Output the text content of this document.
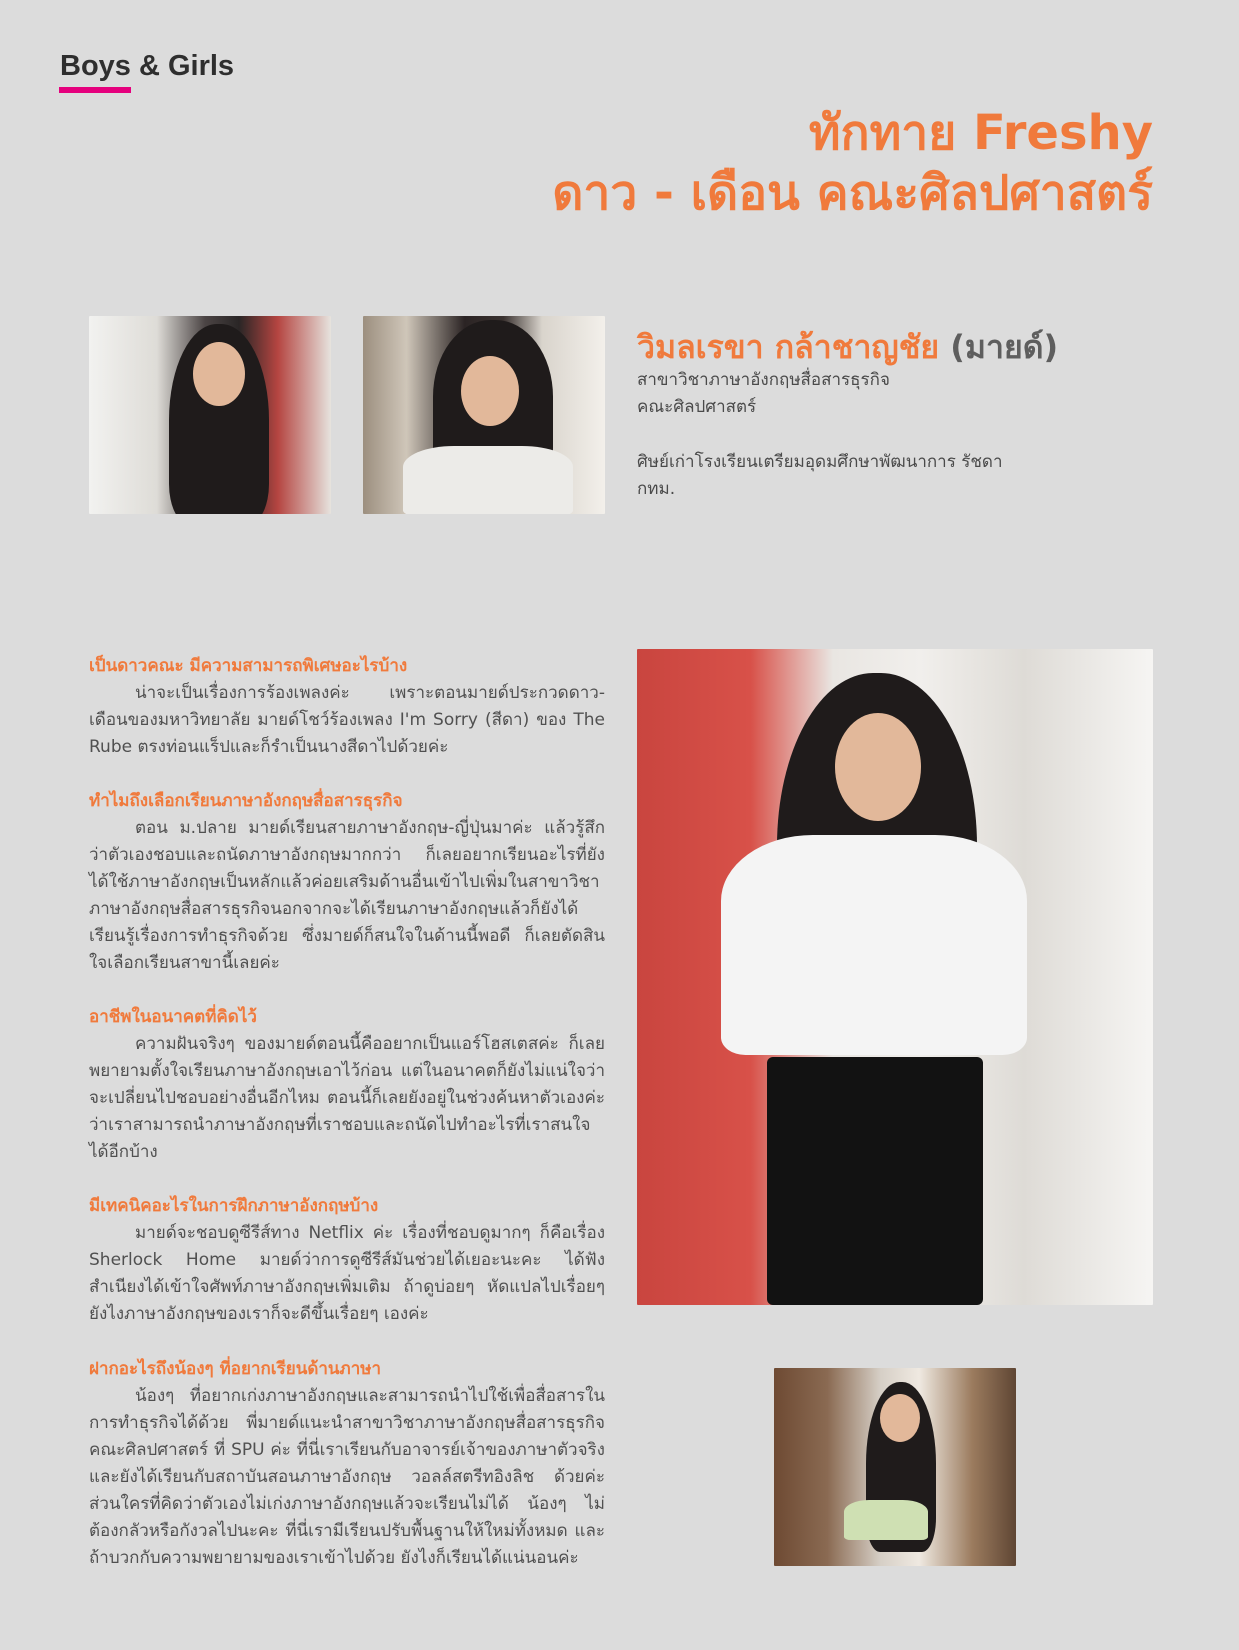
Boys & Girls
ทักทาย Freshy
ดาว - เดือน คณะศิลปศาสตร์
วิมลเรขา กล้าชาญชัย (มายด์)
สาขาวิชาภาษาอังกฤษสื่อสารธุรกิจ
คณะศิลปศาสตร์
ศิษย์เก่าโรงเรียนเตรียมอุดมศึกษาพัฒนาการ รัชดา
กทม.
เป็นดาวคณะ มีความสามารถพิเศษอะไรบ้าง

น่าจะเป็นเรื่องการร้องเพลงค่ะ เพราะตอนมายด์ประกวดดาว-เดือนของมหาวิทยาลัย มายด์โชว์ร้องเพลง I'm Sorry (สีดา) ของ The Rube ตรงท่อนแร็ปและก็รำเป็นนางสีดาไปด้วยค่ะ

ทำไมถึงเลือกเรียนภาษาอังกฤษสื่อสารธุรกิจ

ตอน ม.ปลาย มายด์เรียนสายภาษาอังกฤษ-ญี่ปุ่นมาค่ะ แล้วรู้สึกว่าตัวเองชอบและถนัดภาษาอังกฤษมากกว่า ก็เลยอยากเรียนอะไรที่ยังได้ใช้ภาษาอังกฤษเป็นหลักแล้วค่อยเสริมด้านอื่นเข้าไปเพิ่มในสาขาวิชาภาษาอังกฤษสื่อสารธุรกิจนอกจากจะได้เรียนภาษาอังกฤษแล้วก็ยังได้เรียนรู้เรื่องการทำธุรกิจด้วย ซึ่งมายด์ก็สนใจในด้านนี้พอดี ก็เลยตัดสินใจเลือกเรียนสาขานี้เลยค่ะ

อาชีพในอนาคตที่คิดไว้

ความฝันจริงๆ ของมายด์ตอนนี้คืออยากเป็นแอร์โฮสเตสค่ะ ก็เลยพยายามตั้งใจเรียนภาษาอังกฤษเอาไว้ก่อน แต่ในอนาคตก็ยังไม่แน่ใจว่าจะเปลี่ยนไปชอบอย่างอื่นอีกไหม ตอนนี้ก็เลยยังอยู่ในช่วงค้นหาตัวเองค่ะว่าเราสามารถนำภาษาอังกฤษที่เราชอบและถนัดไปทำอะไรที่เราสนใจได้อีกบ้าง

มีเทคนิคอะไรในการฝึกภาษาอังกฤษบ้าง

มายด์จะชอบดูซีรีส์ทาง Netflix ค่ะ เรื่องที่ชอบดูมากๆ ก็คือเรื่อง Sherlock Home มายด์ว่าการดูซีรีส์มันช่วยได้เยอะนะคะ ได้ฟังสำเนียงได้เข้าใจศัพท์ภาษาอังกฤษเพิ่มเติม ถ้าดูบ่อยๆ หัดแปลไปเรื่อยๆ ยังไงภาษาอังกฤษของเราก็จะดีขึ้นเรื่อยๆ เองค่ะ

ฝากอะไรถึงน้องๆ ที่อยากเรียนด้านภาษา

น้องๆ ที่อยากเก่งภาษาอังกฤษและสามารถนำไปใช้เพื่อสื่อสารในการทำธุรกิจได้ด้วย พี่มายด์แนะนำสาขาวิชาภาษาอังกฤษสื่อสารธุรกิจ คณะศิลปศาสตร์ ที่ SPU ค่ะ ที่นี่เราเรียนกับอาจารย์เจ้าของภาษาตัวจริงและยังได้เรียนกับสถาบันสอนภาษาอังกฤษ วอลล์สตรีทอิงลิช ด้วยค่ะ ส่วนใครที่คิดว่าตัวเองไม่เก่งภาษาอังกฤษแล้วจะเรียนไม่ได้ น้องๆ ไม่ต้องกลัวหรือกังวลไปนะคะ ที่นี่เรามีเรียนปรับพื้นฐานให้ใหม่ทั้งหมด และถ้าบวกกับความพยายามของเราเข้าไปด้วย ยังไงก็เรียนได้แน่นอนค่ะ
